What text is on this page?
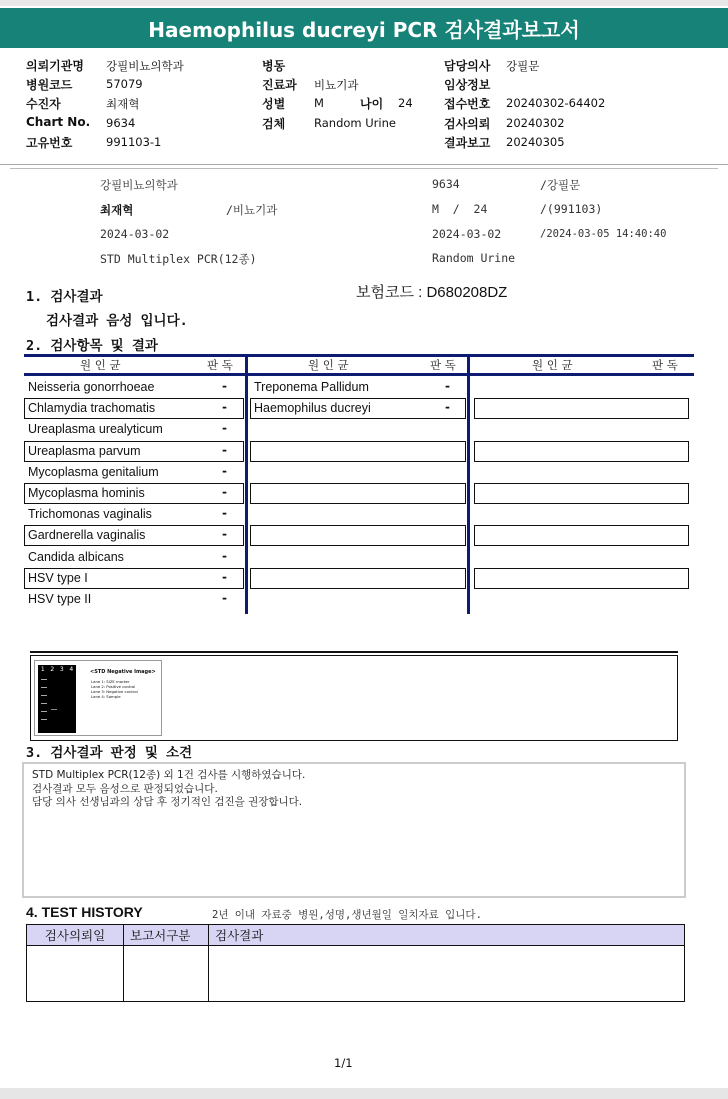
Haemophilus ducreyi PCR 검사결과보고서
의뢰기관명 강필비뇨의학과
병원코드	57079
수진자	최재혁
Chart No. 9634
고유번호	991103-1
병동
진료과 비뇨기과
성별	M
검체	Random Urine
담당의사 강필문
임상정보
접수번호 20240302-64402
검사의뢰 20240302
결과보고 20240305
나이 24
강필비뇨의학과	9634	/강필문
최재혁	/비뇨기과	M  /  24	/(991103)
2024-03-02	2024-03-02	/2024-03-05 14:40:40
STD Multiplex PCR(12종)	Random Urine
1. 검사결과	보험코드 : D680208DZ
검사결과 음성 입니다.
2. 검사항목 및 결과
원 인 균	판 독	원 인 균	판 독	원 인 균	판 독
Neisseria gonorrhoeae	- Treponema Pallidum	-
Chlamydia trachomatis	- Haemophilus ducreyi	-
Ureaplasma urealyticum	-
Ureaplasma parvum	-
Mycoplasma genitalium	-
Mycoplasma hominis	-
Trichomonas vaginalis	-
Gardnerella vaginalis	-
Candida albicans	-
HSV type I	-
HSV type II	-
1 2 3 4	<STD Negative Image>
Lane 1: SIZE marker
Lane 2: Positive control
Lane 3: Negative control
Lane 4: Sample
3. 검사결과 판정 및 소견
STD Multiplex PCR(12종) 외 1건 검사를 시행하였습니다.
검사결과 모두 음성으로 판정되었습니다.
담당 의사 선생님과의 상담 후 정기적인 검진을 권장합니다.
4. TEST HISTORY	2년 이내 자료중 병원,성명,생년월일 일치자료 입니다.
검사의뢰일	보고서구분	검사결과

1/1
